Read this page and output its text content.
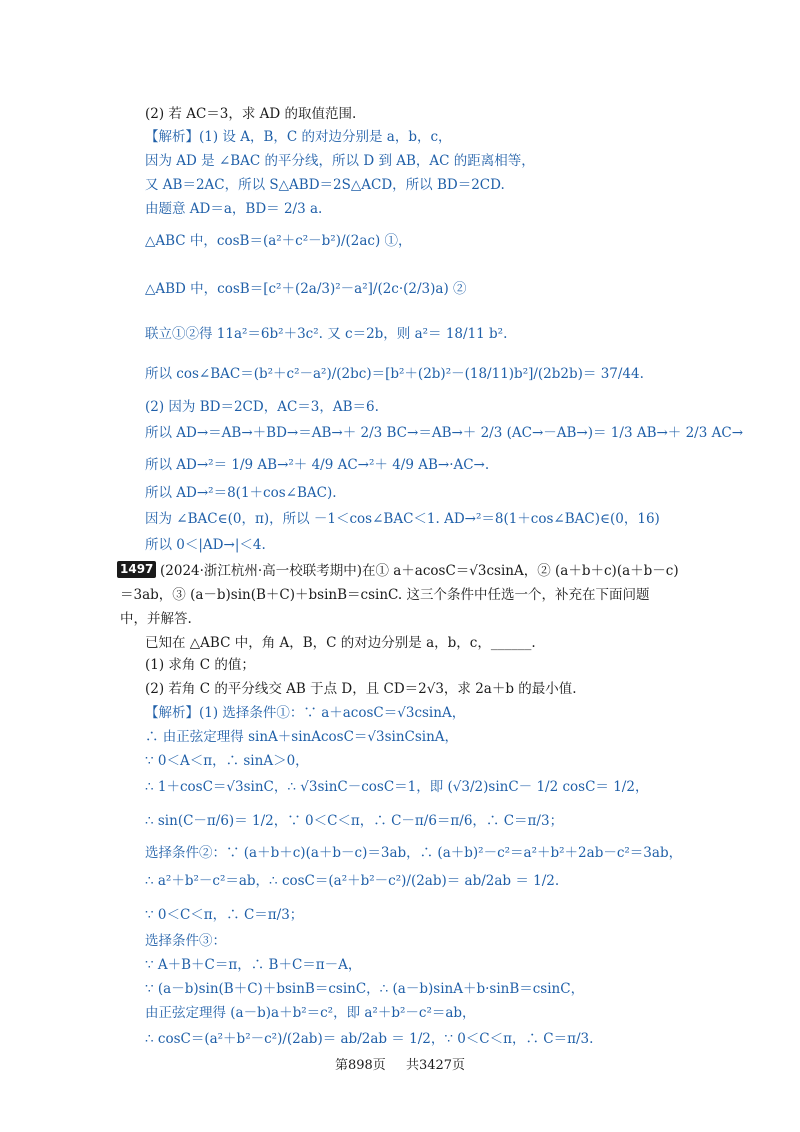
(2) 若 AC＝3，求 AD 的取值范围.
【解析】(1) 设 A，B，C 的对边分别是 a，b，c，
因为 AD 是 ∠BAC 的平分线，所以 D 到 AB，AC 的距离相等，
又 AB＝2AC，所以 S△ABD＝2S△ACD，所以 BD＝2CD.
由题意 AD＝a，BD＝ 2/3 a.
△ABC 中，cosB＝(a²＋c²－b²)/(2ac) ①，
△ABD 中，cosB＝[c²＋(2a/3)²－a²]/(2c·(2/3)a) ②
联立①②得 11a²＝6b²＋3c². 又 c＝2b，则 a²＝ 18/11 b².
所以 cos∠BAC＝(b²＋c²－a²)/(2bc)＝[b²＋(2b)²－(18/11)b²]/(2b2b)＝ 37/44.
(2) 因为 BD＝2CD，AC＝3，AB＝6.
所以 AD→＝AB→＋BD→＝AB→＋ 2/3 BC→＝AB→＋ 2/3 (AC→－AB→)＝ 1/3 AB→＋ 2/3 AC→
所以 AD→²＝ 1/9 AB→²＋ 4/9 AC→²＋ 4/9 AB→·AC→.
所以 AD→²＝8(1＋cos∠BAC).
因为 ∠BAC∈(0，π)，所以 －1＜cos∠BAC＜1. AD→²＝8(1＋cos∠BAC)∈(0，16)
所以 0＜|AD→|＜4.
(2024·浙江杭州·高一校联考期中)在① a＋acosC＝√3csinA，② (a＋b＋c)(a＋b－c)
＝3ab，③ (a－b)sin(B＋C)＋bsinB＝csinC. 这三个条件中任选一个，补充在下面问题
中，并解答.
已知在 △ABC 中，角 A，B，C 的对边分别是 a，b，c，______.
(1) 求角 C 的值；
(2) 若角 C 的平分线交 AB 于点 D，且 CD＝2√3，求 2a＋b 的最小值.
【解析】(1) 选择条件①：∵ a＋acosC＝√3csinA，
∴ 由正弦定理得 sinA＋sinAcosC＝√3sinCsinA，
∵ 0＜A＜π，∴ sinA＞0，
∴ 1＋cosC＝√3sinC，∴ √3sinC－cosC＝1，即 (√3/2)sinC－ 1/2 cosC＝ 1/2，
∴ sin(C－π/6)＝ 1/2，∵ 0＜C＜π，∴ C－π/6＝π/6，∴ C＝π/3；
选择条件②：∵ (a＋b＋c)(a＋b－c)＝3ab，∴ (a＋b)²－c²＝a²＋b²＋2ab－c²＝3ab，
∴ a²＋b²－c²＝ab，∴ cosC＝(a²＋b²－c²)/(2ab)＝ ab/2ab ＝ 1/2.
∵ 0＜C＜π，∴ C＝π/3；
选择条件③：
∵ A＋B＋C＝π，∴ B＋C＝π－A，
∵ (a－b)sin(B＋C)＋bsinB＝csinC，∴ (a－b)sinA＋b·sinB＝csinC，
由正弦定理得 (a－b)a＋b²＝c²，即 a²＋b²－c²＝ab，
∴ cosC＝(a²＋b²－c²)/(2ab)＝ ab/2ab ＝ 1/2，∵ 0＜C＜π，∴ C＝π/3.
1497
第898页 共3427页
